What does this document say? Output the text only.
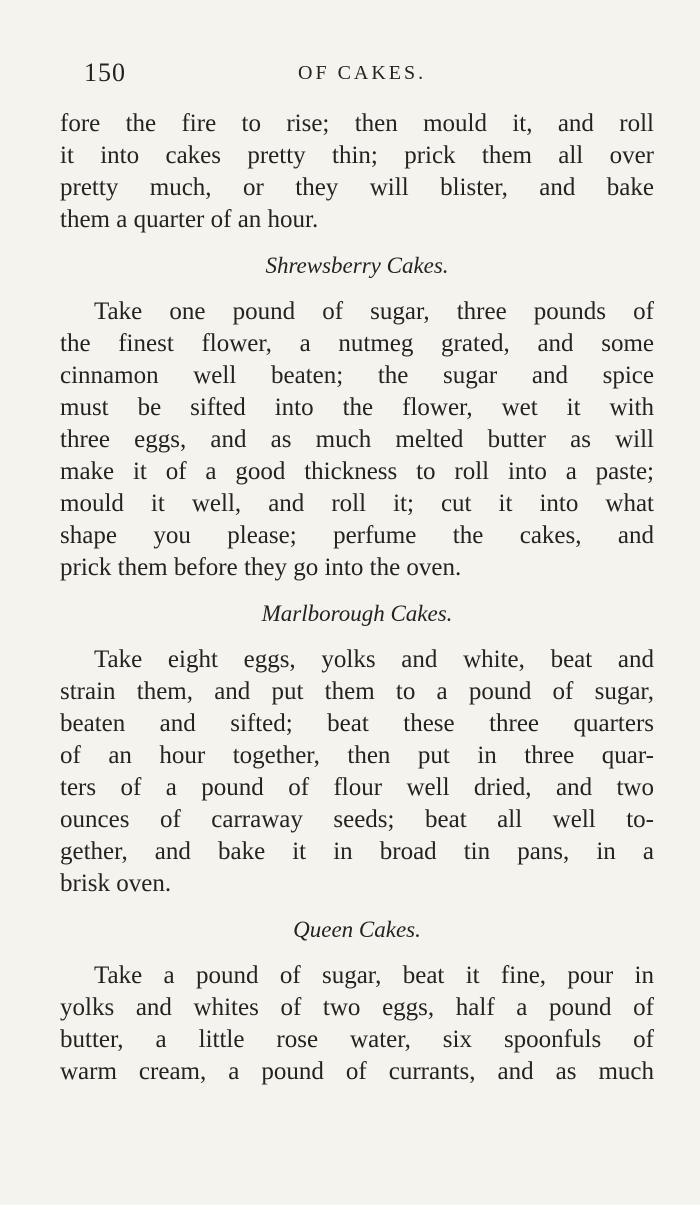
150	OF CAKES.
fore the fire to rise; then mould it, and roll
it into cakes pretty thin; prick them all over
pretty much, or they will blister, and bake
them a quarter of an hour.
Shrewsberry Cakes.
Take one pound of sugar, three pounds of
the finest flower, a nutmeg grated, and some
cinnamon well beaten; the sugar and spice
must be sifted into the flower, wet it with
three eggs, and as much melted butter as will
make it of a good thickness to roll into a paste;
mould it well, and roll it; cut it into what
shape you please; perfume the cakes, and
prick them before they go into the oven.
Marlborough Cakes.
Take eight eggs, yolks and white, beat and
strain them, and put them to a pound of sugar,
beaten and sifted; beat these three quarters
of an hour together, then put in three quar-
ters of a pound of flour well dried, and two
ounces of carraway seeds; beat all well to-
gether, and bake it in broad tin pans, in a
brisk oven.
Queen Cakes.
Take a pound of sugar, beat it fine, pour in
yolks and whites of two eggs, half a pound of
butter, a little rose water, six spoonfuls of
warm cream, a pound of currants, and as much
